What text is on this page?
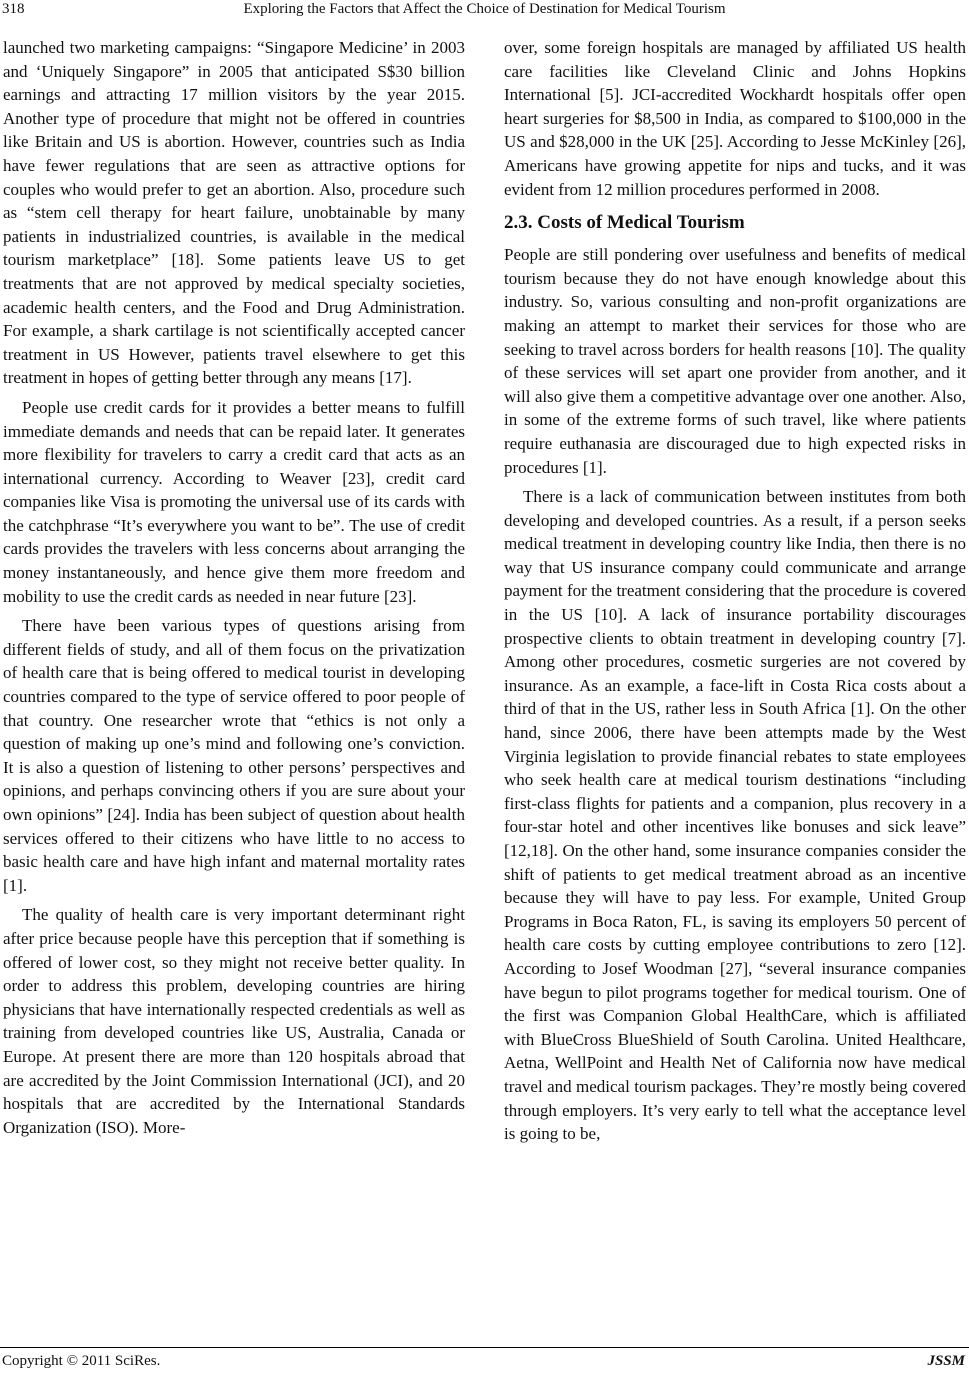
318	Exploring the Factors that Affect the Choice of Destination for Medical Tourism

launched two marketing campaigns: “Singapore Medicine’ in 2003 and ‘Uniquely Singapore” in 2005 that anticipated S$30 billion earnings and attracting 17 million visitors by the year 2015. Another type of procedure that might not be offered in countries like Britain and US is abortion. However, countries such as India have fewer regulations that are seen as attractive options for couples who would prefer to get an abortion. Also, procedure such as “stem cell therapy for heart failure, unobtainable by many patients in industrialized countries, is available in the medical tourism marketplace” [18]. Some patients leave US to get treatments that are not approved by medical specialty societies, academic health centers, and the Food and Drug Administration. For example, a shark cartilage is not scientifically accepted cancer treatment in US However, patients travel elsewhere to get this treatment in hopes of getting better through any means [17].

People use credit cards for it provides a better means to fulfill immediate demands and needs that can be repaid later. It generates more flexibility for travelers to carry a credit card that acts as an international currency. According to Weaver [23], credit card companies like Visa is promoting the universal use of its cards with the catchphrase “It’s everywhere you want to be”. The use of credit cards provides the travelers with less concerns about arranging the money instantaneously, and hence give them more freedom and mobility to use the credit cards as needed in near future [23].

There have been various types of questions arising from different fields of study, and all of them focus on the privatization of health care that is being offered to medical tourist in developing countries compared to the type of service offered to poor people of that country. One researcher wrote that “ethics is not only a question of making up one’s mind and following one’s conviction. It is also a question of listening to other persons’ perspectives and opinions, and perhaps convincing others if you are sure about your own opinions” [24]. India has been subject of question about health services offered to their citizens who have little to no access to basic health care and have high infant and maternal mortality rates [1].

The quality of health care is very important determinant right after price because people have this perception that if something is offered of lower cost, so they might not receive better quality. In order to address this problem, developing countries are hiring physicians that have internationally respected credentials as well as training from developed countries like US, Australia, Canada or Europe. At present there are more than 120 hospitals abroad that are accredited by the Joint Commission International (JCI), and 20 hospitals that are accredited by the International Standards Organization (ISO). More-

over, some foreign hospitals are managed by affiliated US health care facilities like Cleveland Clinic and Johns Hopkins International [5]. JCI-accredited Wockhardt hospitals offer open heart surgeries for $8,500 in India, as compared to $100,000 in the US and $28,000 in the UK [25]. According to Jesse McKinley [26], Americans have growing appetite for nips and tucks, and it was evident from 12 million procedures performed in 2008.

2.3. Costs of Medical Tourism

People are still pondering over usefulness and benefits of medical tourism because they do not have enough knowledge about this industry. So, various consulting and non-profit organizations are making an attempt to market their services for those who are seeking to travel across borders for health reasons [10]. The quality of these services will set apart one provider from another, and it will also give them a competitive advantage over one another. Also, in some of the extreme forms of such travel, like where patients require euthanasia are discouraged due to high expected risks in procedures [1].

There is a lack of communication between institutes from both developing and developed countries. As a result, if a person seeks medical treatment in developing country like India, then there is no way that US insurance company could communicate and arrange payment for the treatment considering that the procedure is covered in the US [10]. A lack of insurance portability discourages prospective clients to obtain treatment in developing country [7]. Among other procedures, cosmetic surgeries are not covered by insurance. As an example, a face-lift in Costa Rica costs about a third of that in the US, rather less in South Africa [1]. On the other hand, since 2006, there have been attempts made by the West Virginia legislation to provide financial rebates to state employees who seek health care at medical tourism destinations “including first-class flights for patients and a companion, plus recovery in a four-star hotel and other incentives like bonuses and sick leave” [12,18]. On the other hand, some insurance companies consider the shift of patients to get medical treatment abroad as an incentive because they will have to pay less. For example, United Group Programs in Boca Raton, FL, is saving its employers 50 percent of health care costs by cutting employee contributions to zero [12]. According to Josef Woodman [27], “several insurance companies have begun to pilot programs together for medical tourism. One of the first was Companion Global HealthCare, which is affiliated with BlueCross BlueShield of South Carolina. United Healthcare, Aetna, WellPoint and Health Net of California now have medical travel and medical tourism packages. They’re mostly being covered through employers. It’s very early to tell what the acceptance level is going to be,

Copyright © 2011 SciRes.	JSSM
